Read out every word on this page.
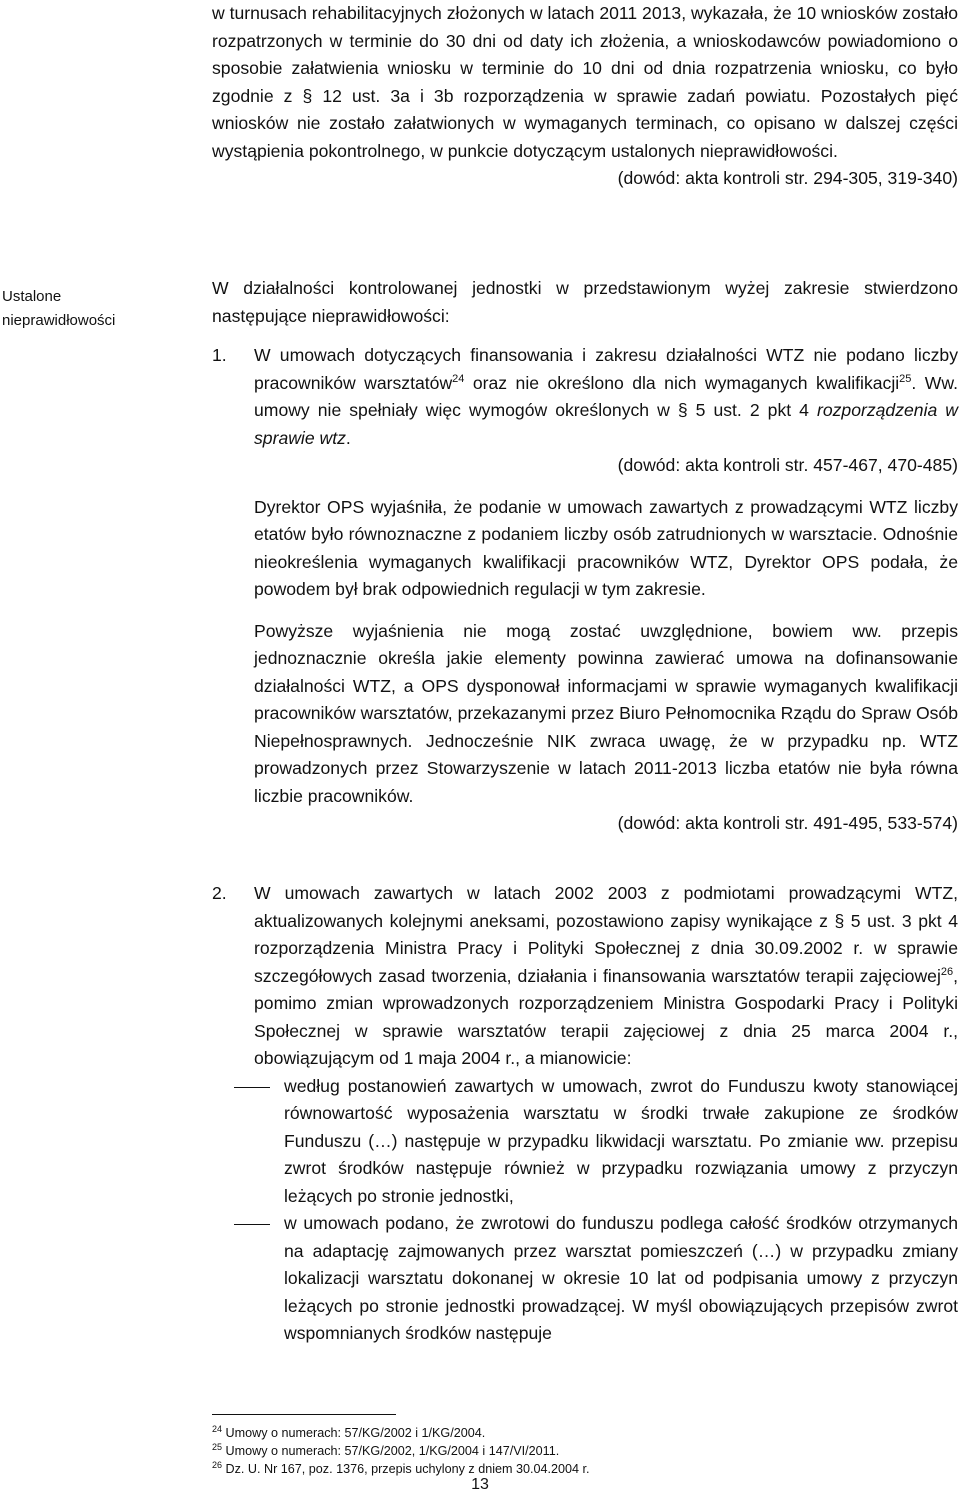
w turnusach rehabilitacyjnych złożonych w latach 2011 2013, wykazała, że 10 wniosków zostało rozpatrzonych w terminie do 30 dni od daty ich złożenia, a wnioskodawców powiadomiono o sposobie załatwienia wniosku w terminie do 10 dni od dnia rozpatrzenia wniosku, co było zgodnie z § 12 ust. 3a i 3b rozporządzenia w sprawie zadań powiatu. Pozostałych pięć wniosków nie zostało załatwionych w wymaganych terminach, co opisano w dalszej części wystąpienia pokontrolnego, w punkcie dotyczącym ustalonych nieprawidłowości.

(dowód: akta kontroli str. 294-305, 319-340)

Ustalone
nieprawidłowości

W działalności kontrolowanej jednostki w przedstawionym wyżej zakresie stwierdzono następujące nieprawidłowości:

1. W umowach dotyczących finansowania i zakresu działalności WTZ nie podano liczby pracowników warsztatów$^{24}$ oraz nie określono dla nich wymaganych kwalifikacji$^{25}$. Ww. umowy nie spełniały więc wymogów określonych w § 5 ust. 2 pkt 4 rozporządzenia w sprawie wtz.

(dowód: akta kontroli str. 457-467, 470-485)

Dyrektor OPS wyjaśniła, że podanie w umowach zawartych z prowadzącymi WTZ liczby etatów było równoznaczne z podaniem liczby osób zatrudnionych w warsztacie. Odnośnie nieokreślenia wymaganych kwalifikacji pracowników WTZ, Dyrektor OPS podała, że powodem był brak odpowiednich regulacji w tym zakresie.

Powyższe wyjaśnienia nie mogą zostać uwzględnione, bowiem ww. przepis jednoznacznie określa jakie elementy powinna zawierać umowa na dofinansowanie działalności WTZ, a OPS dysponował informacjami w sprawie wymaganych kwalifikacji pracowników warsztatów, przekazanymi przez Biuro Pełnomocnika Rządu do Spraw Osób Niepełnosprawnych. Jednocześnie NIK zwraca uwagę, że w przypadku np. WTZ prowadzonych przez Stowarzyszenie w latach 2011-2013 liczba etatów nie była równa liczbie pracowników.

(dowód: akta kontroli str. 491-495, 533-574)

2. W umowach zawartych w latach 2002 2003 z podmiotami prowadzącymi WTZ, aktualizowanych kolejnymi aneksami, pozostawiono zapisy wynikające z § 5 ust. 3 pkt 4 rozporządzenia Ministra Pracy i Polityki Społecznej z dnia 30.09.2002 r. w sprawie szczegółowych zasad tworzenia, działania i finansowania warsztatów terapii zajęciowej$^{26}$, pomimo zmian wprowadzonych rozporządzeniem Ministra Gospodarki Pracy i Polityki Społecznej w sprawie warsztatów terapii zajęciowej z dnia 25 marca 2004 r., obowiązującym od 1 maja 2004 r., a mianowicie:

według postanowień zawartych w umowach, zwrot do Funduszu kwoty stanowiącej równowartość wyposażenia warsztatu w środki trwałe zakupione ze środków Funduszu (…) następuje w przypadku likwidacji warsztatu. Po zmianie ww. przepisu zwrot środków następuje również w przypadku rozwiązania umowy z przyczyn leżących po stronie jednostki,

w umowach podano, że zwrotowi do funduszu podlega całość środków otrzymanych na adaptację zajmowanych przez warsztat pomieszczeń (…) w przypadku zmiany lokalizacji warsztatu dokonanej w okresie 10 lat od podpisania umowy z przyczyn leżących po stronie jednostki prowadzącej. W myśl obowiązujących przepisów zwrot wspomnianych środków następuje

$^{24}$ Umowy o numerach: 57/KG/2002 i 1/KG/2004.
$^{25}$ Umowy o numerach: 57/KG/2002, 1/KG/2004 i 147/VI/2011.
$^{26}$ Dz. U. Nr 167, poz. 1376, przepis uchylony z dniem 30.04.2004 r.
13
